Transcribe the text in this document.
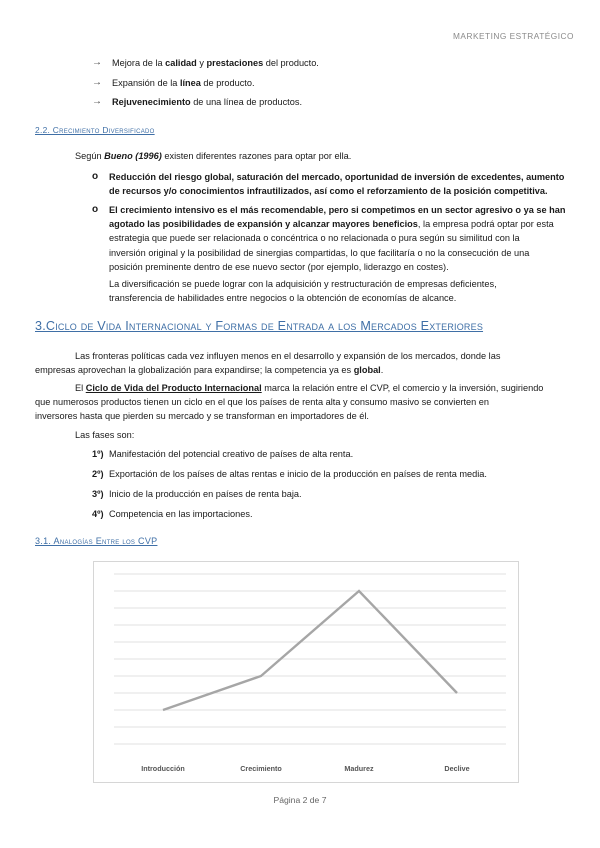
MARKETING ESTRATÉGICO
→ Mejora de la calidad y prestaciones del producto.
→ Expansión de la línea de producto.
→ Rejuvenecimiento de una línea de productos.
2.2. Crecimiento Diversificado
Según Bueno (1996) existen diferentes razones para optar por ella.
o Reducción del riesgo global, saturación del mercado, oportunidad de inversión de excedentes, aumento
de recursos y/o conocimientos infrautilizados, así como el reforzamiento de la posición competitiva.
o El crecimiento intensivo es el más recomendable, pero si competimos en un sector agresivo o ya se han
agotado las posibilidades de expansión y alcanzar mayores beneficios, la empresa podrá optar por esta
estrategia que puede ser relacionada o concéntrica o no relacionada o pura según su similitud con la
inversión original y la posibilidad de sinergias compartidas, lo que facilitaría o no la consecución de una
posición preminente dentro de ese nuevo sector (por ejemplo, liderazgo en costes).
La diversificación se puede lograr con la adquisición y restructuración de empresas deficientes,
transferencia de habilidades entre negocios o la obtención de economías de alcance.
3.Ciclo de Vida Internacional y Formas de Entrada a los Mercados Exteriores
Las fronteras políticas cada vez influyen menos en el desarrollo y expansión de los mercados, donde las
empresas aprovechan la globalización para expandirse; la competencia ya es global.
El Ciclo de Vida del Producto Internacional marca la relación entre el CVP, el comercio y la inversión, sugiriendo
que numerosos productos tienen un ciclo en el que los países de renta alta y consumo masivo se convierten en
inversores hasta que pierden su mercado y se transforman en importadores de él.
Las fases son:
1º) Manifestación del potencial creativo de países de alta renta.
2º) Exportación de los países de altas rentas e inicio de la producción en países de renta media.
3º) Inicio de la producción en países de renta baja.
4º) Competencia en las importaciones.
3.1. Analogías Entre los CVP
Introducción	Crecimiento	Madurez	Declive
Página 2 de 7
